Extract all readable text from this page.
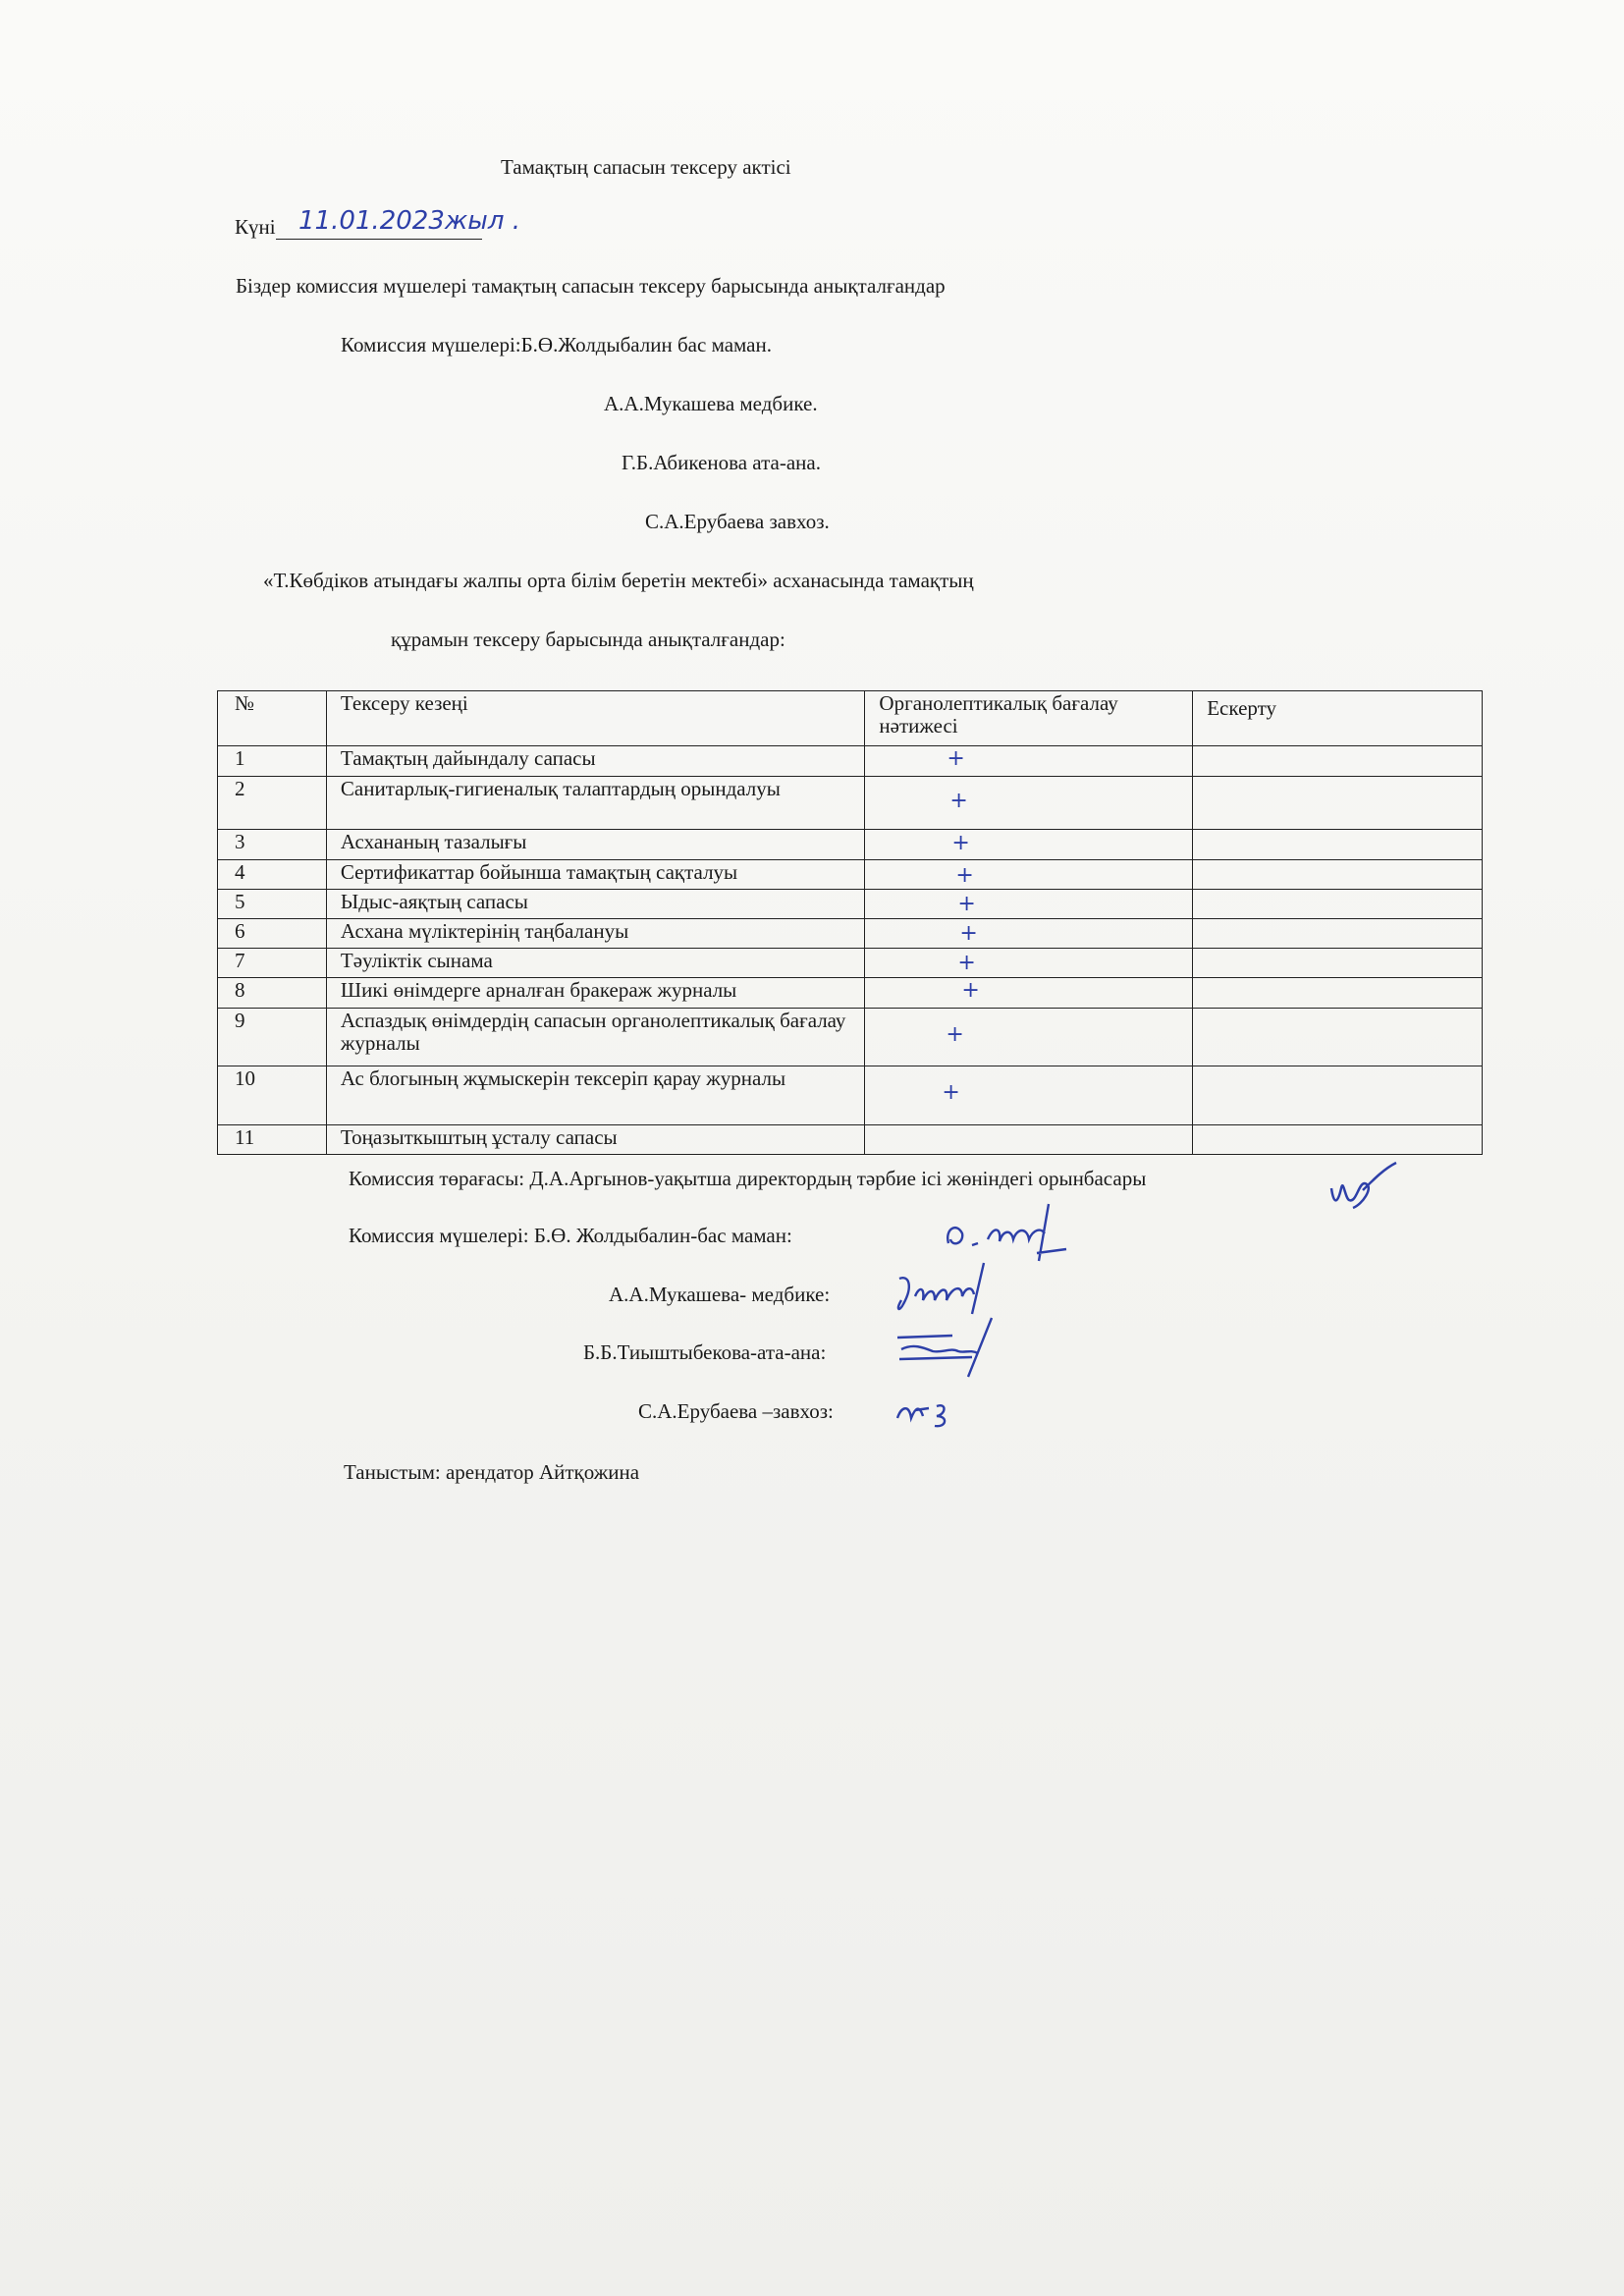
Тамақтың сапасын тексеру актісі
Күні 11.01.2023жыл .
Біздер комиссия мүшелері тамақтың сапасын тексеру барысында анықталғандар
Комиссия мүшелері:Б.Ө.Жолдыбалин бас маман.
А.А.Мукашева медбике.
Г.Б.Абикенова ата-ана.
С.А.Ерубаева завхоз.
«Т.Көбдіков атындағы жалпы орта білім беретін мектебі» асханасында тамақтың
құрамын тексеру барысында анықталғандар:
№	Тексеру кезеңі	Органолептикалық бағалау нәтижесі	Ескерту
1	Тамақтың дайындалу сапасы	+	

2	Санитарлық-гигиеналық талаптардың орындалуы	+	

3	Асхананың тазалығы	+	

4	Сертификаттар бойынша тамақтың сақталуы	+	

5	Ыдыс-аяқтың сапасы	+	

6	Асхана мүліктерінің таңбалануы	+	

7	Тәуліктік сынама	+	

8	Шикі өнімдерге арналған бракераж журналы	+	

9	Аспаздық өнімдердің сапасын органолептикалық бағалау журналы	+	

10	Ас блогының жұмыскерін тексеріп қарау журналы	+	

11	Тоңазыткыштың ұсталу сапасы	

Комиссия төрағасы: Д.А.Аргынов-уақытша директордың тәрбие ісі жөніндегі орынбасары
Комиссия мүшелері: Б.Ө. Жолдыбалин-бас маман:
А.А.Мукашева- медбике:
Б.Б.Тиыштыбекова-ата-ана:
С.А.Ерубаева –завхоз:
Таныстым: арендатор Айтқожина
